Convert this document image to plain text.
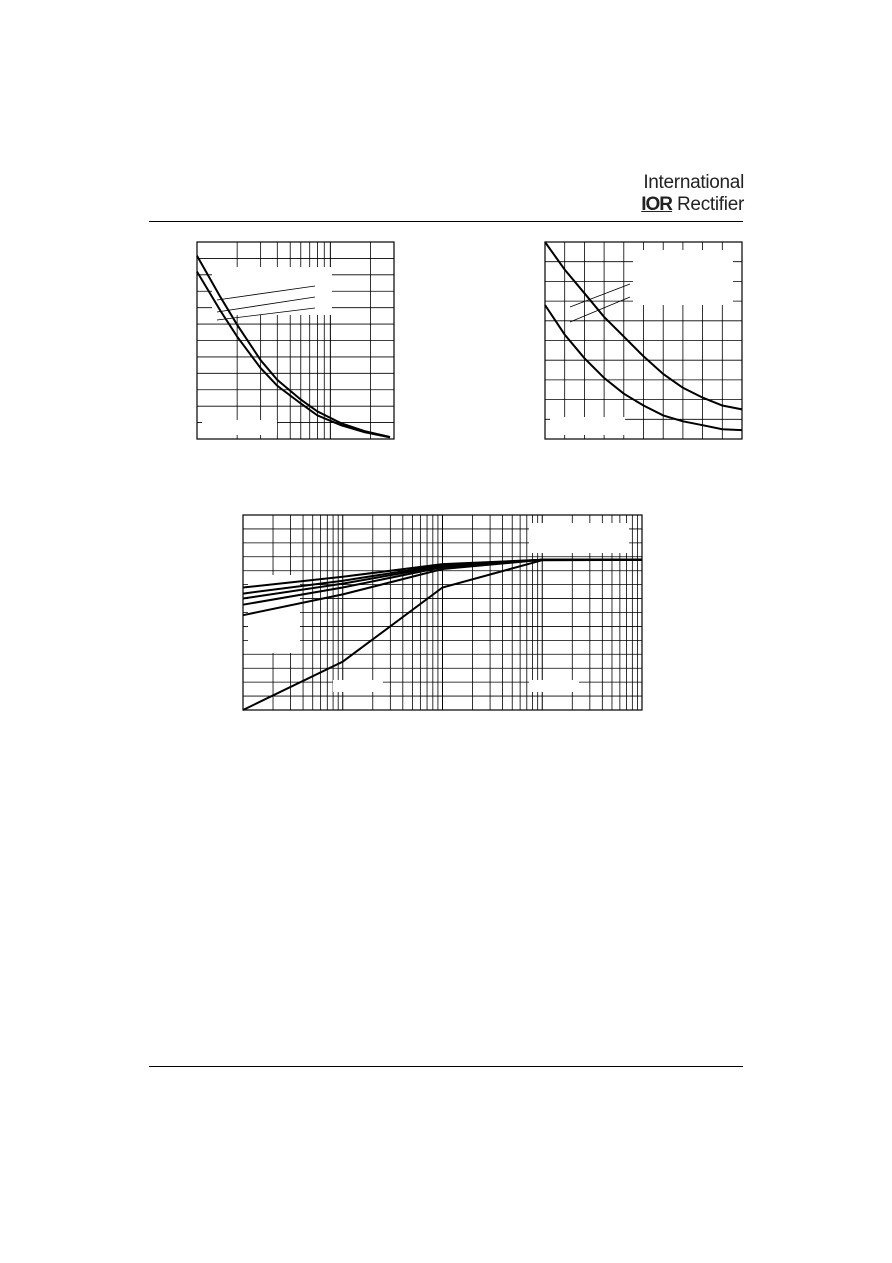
International
IOR Rectifier
